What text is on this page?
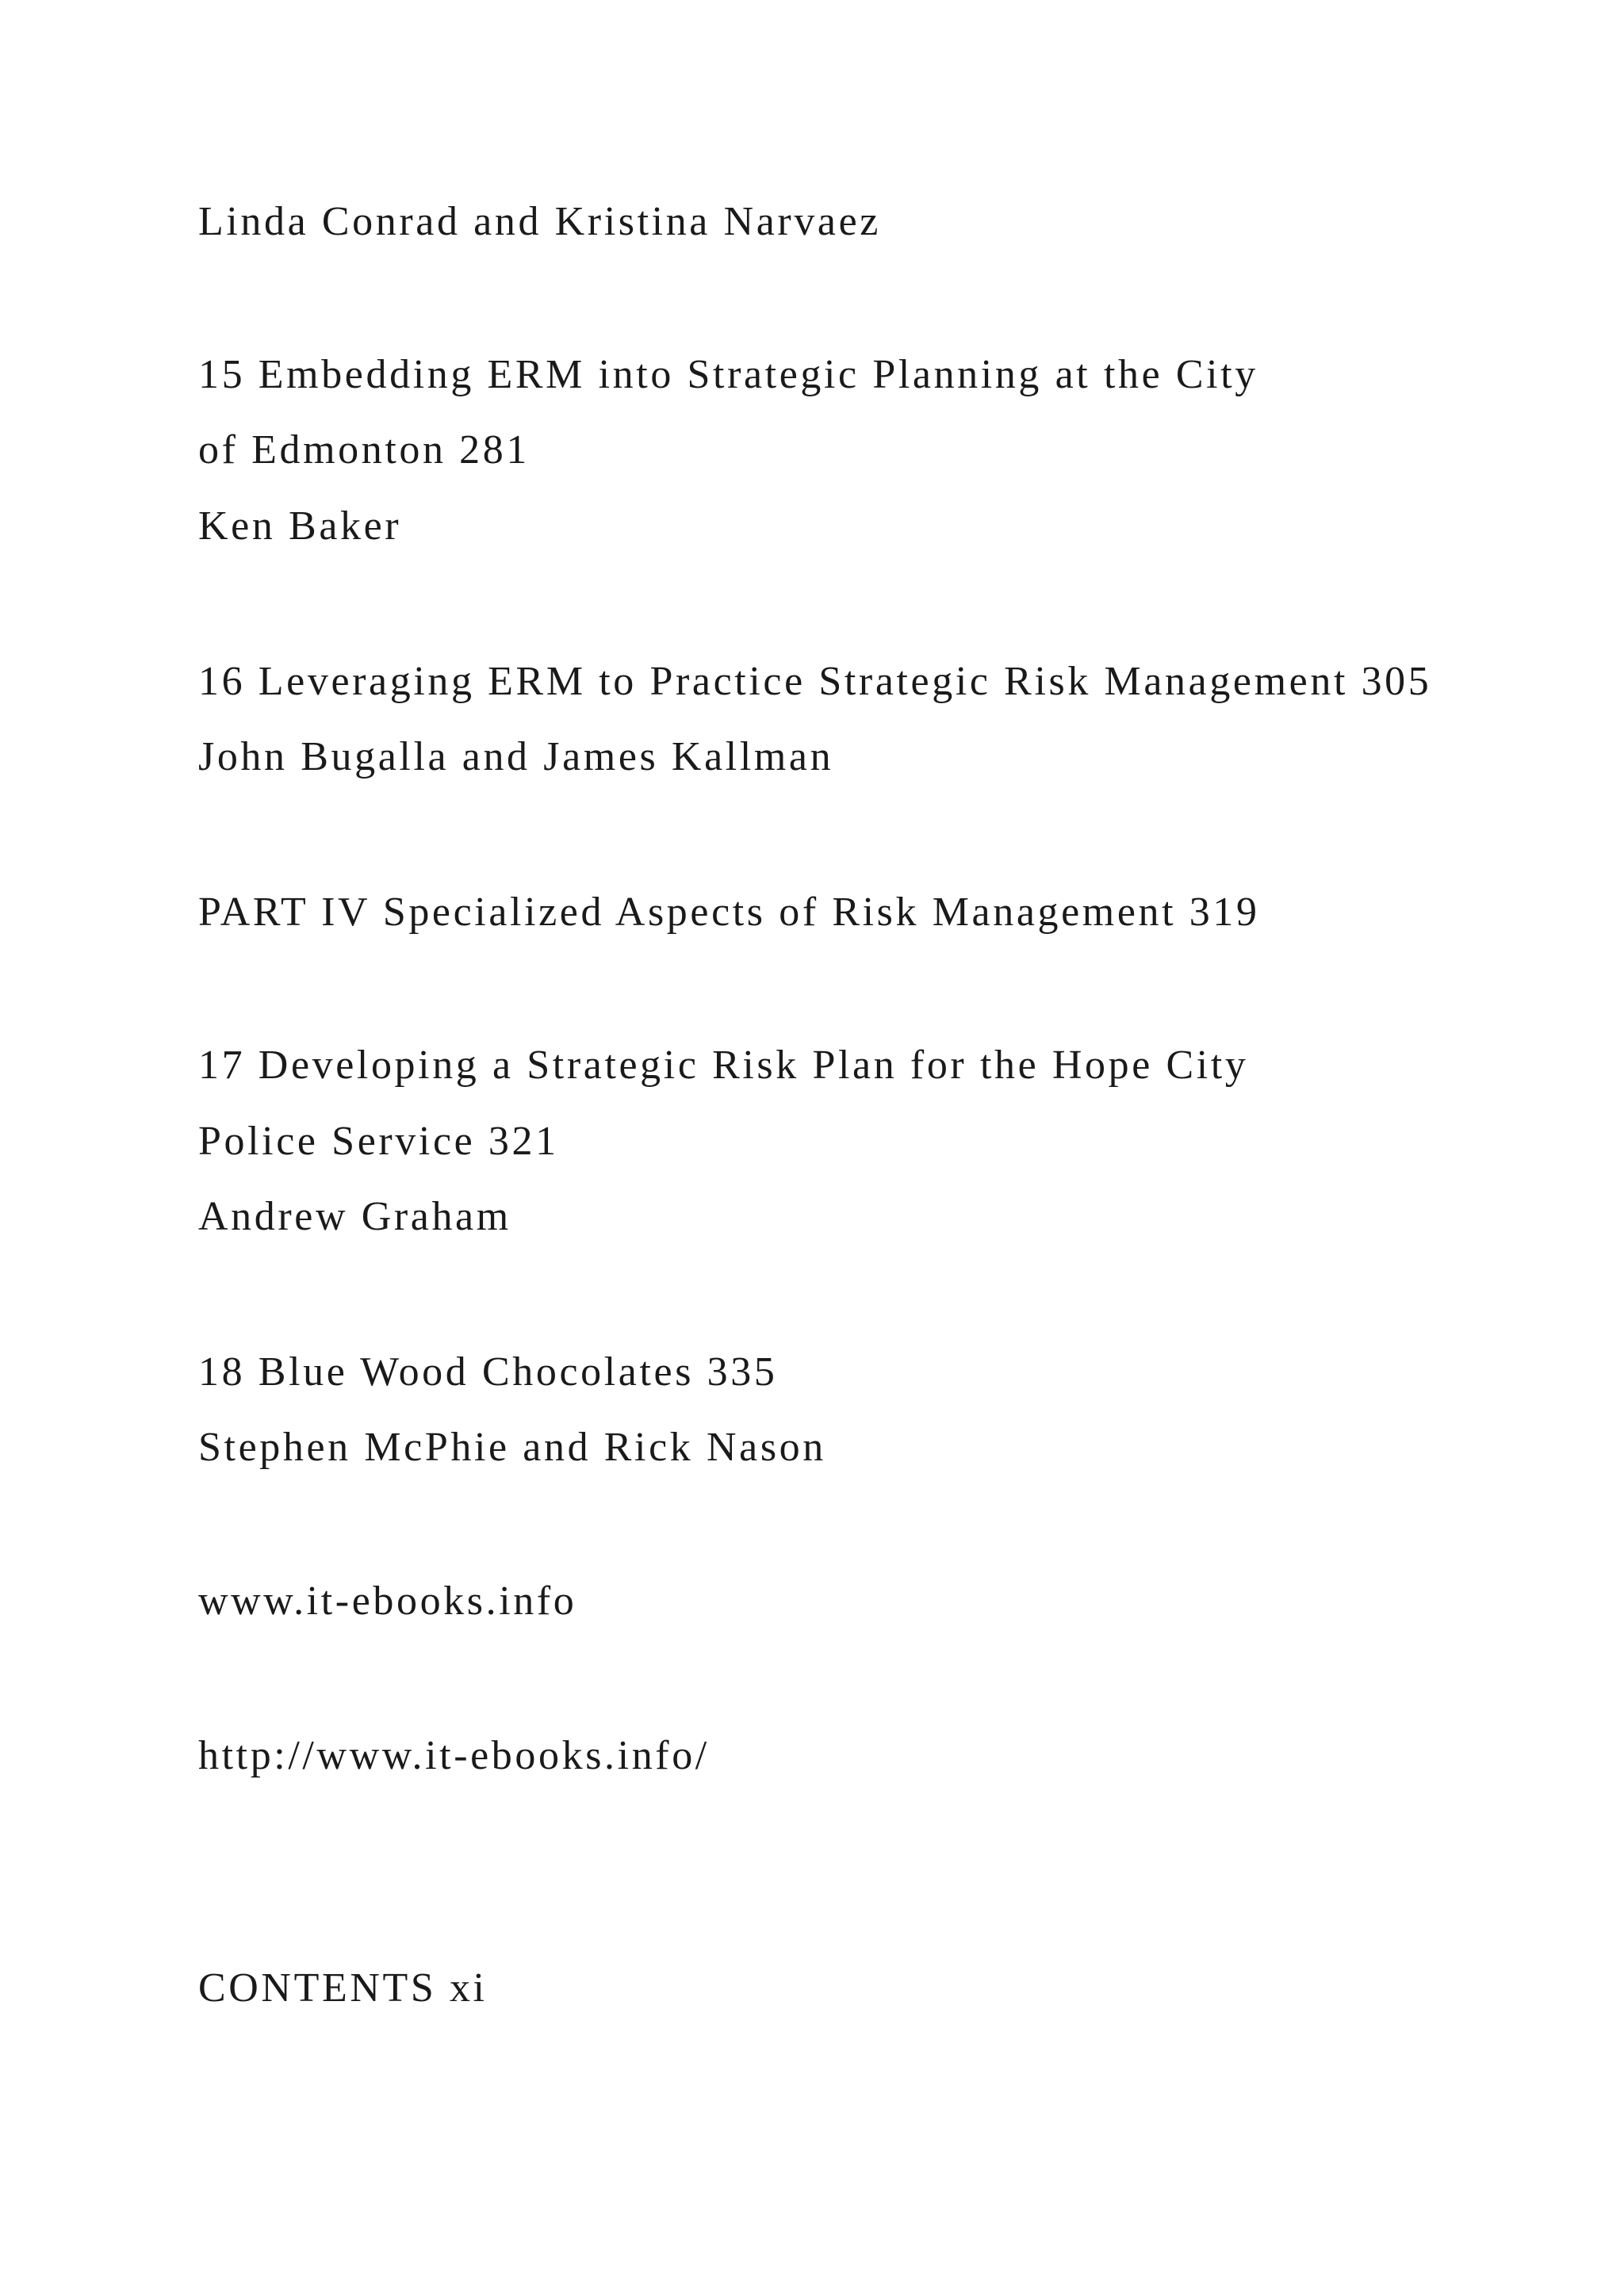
Linda Conrad and Kristina Narvaez
15 Embedding ERM into Strategic Planning at the City
of Edmonton 281
Ken Baker
16 Leveraging ERM to Practice Strategic Risk Management 305
John Bugalla and James Kallman
PART IV Specialized Aspects of Risk Management 319
17 Developing a Strategic Risk Plan for the Hope City
Police Service 321
Andrew Graham
18 Blue Wood Chocolates 335
Stephen McPhie and Rick Nason
www.it-ebooks.info
http://www.it-ebooks.info/
CONTENTS xi
